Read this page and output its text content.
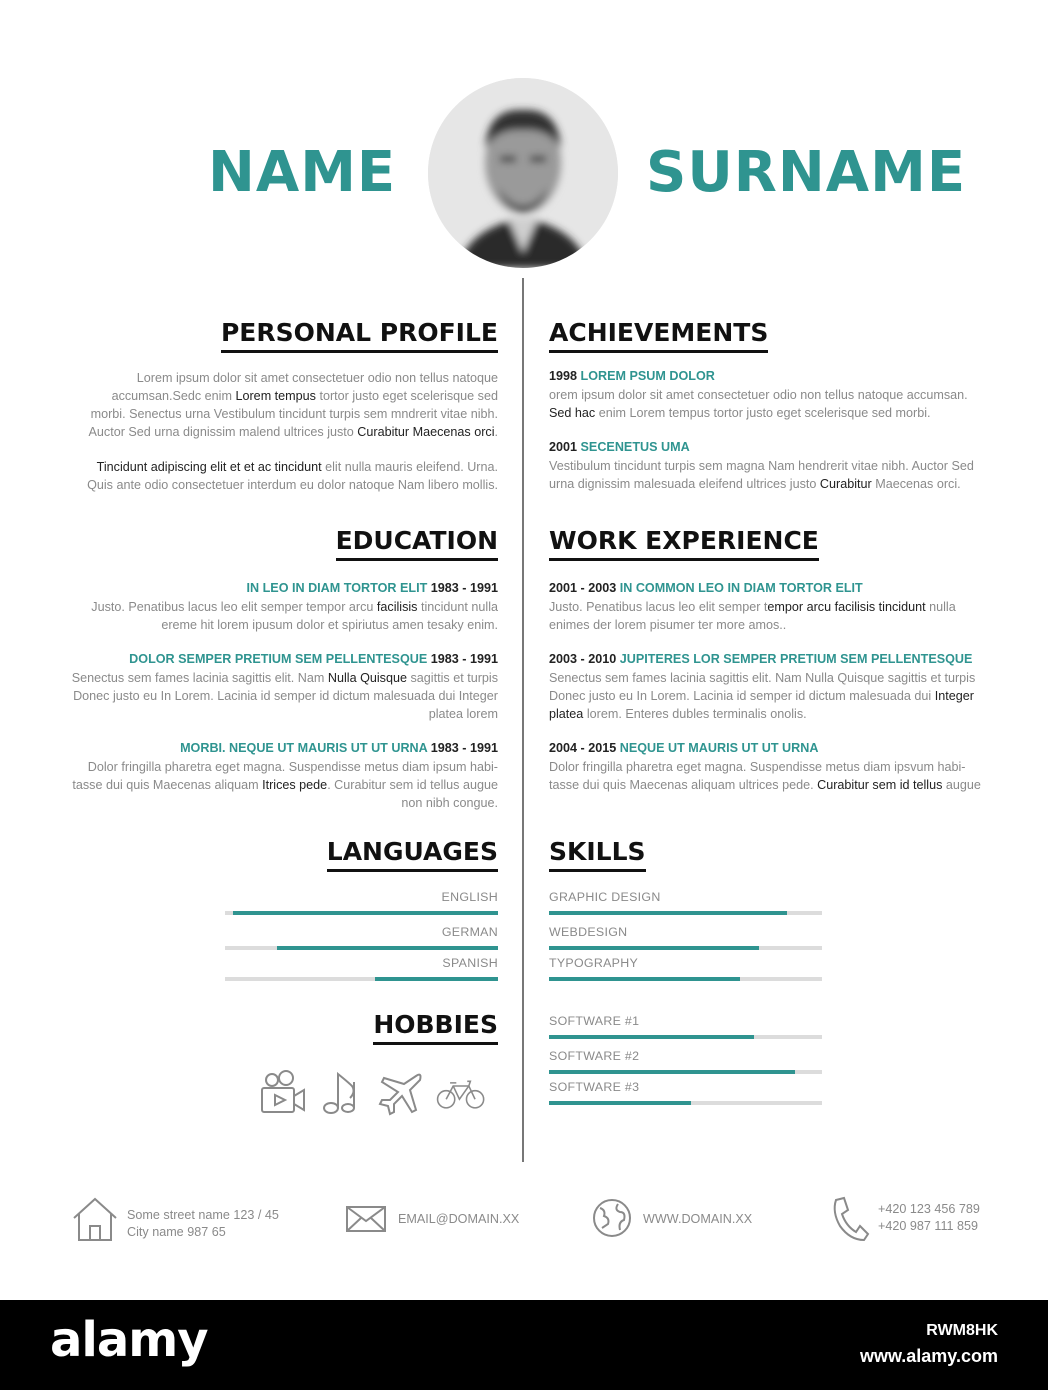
NAME	SURNAME
PERSONAL PROFILE
Lorem ipsum dolor sit amet consectetuer odio non tellus natoque
accumsan.Sedc enim Lorem tempus tortor justo eget scelerisque sed
morbi. Senectus urna Vestibulum tincidunt turpis sem mndrerit vitae nibh.
Auctor Sed urna dignissim malend ultrices justo Curabitur Maecenas orci.
Tincidunt adipiscing elit et et ac tincidunt elit nulla mauris eleifend. Urna.
Quis ante odio consectetuer interdum eu dolor natoque Nam libero mollis.
EDUCATION
IN LEO IN DIAM TORTOR ELIT 1983 - 1991
Justo. Penatibus lacus leo elit semper tempor arcu facilisis tincidunt nulla
ereme hit lorem ipusum dolor et spiriutus amen tesaky enim.
DOLOR SEMPER PRETIUM SEM PELLENTESQUE 1983 - 1991
Senectus sem fames lacinia sagittis elit. Nam Nulla Quisque sagittis et turpis
Donec justo eu In Lorem. Lacinia id semper id dictum malesuada dui Integer
platea lorem
MORBI. NEQUE UT MAURIS UT UT URNA 1983 - 1991
Dolor fringilla pharetra eget magna. Suspendisse metus diam ipsum habi-
tasse dui quis Maecenas aliquam Itrices pede. Curabitur sem id tellus augue
non nibh congue.
LANGUAGES
ENGLISH
GERMAN
SPANISH
HOBBIES
ACHIEVEMENTS
1998 LOREM PSUM DOLOR
orem ipsum dolor sit amet consectetuer odio non tellus natoque accumsan.
Sed hac enim Lorem tempus tortor justo eget scelerisque sed morbi.
2001 SECENETUS UMA
Vestibulum tincidunt turpis sem magna Nam hendrerit vitae nibh. Auctor Sed
urna dignissim malesuada eleifend ultrices justo Curabitur Maecenas orci.
WORK EXPERIENCE
2001 - 2003 IN COMMON LEO IN DIAM TORTOR ELIT
Justo. Penatibus lacus leo elit semper tempor arcu facilisis tincidunt nulla
enimes der lorem pisumer ter more amos..
2003 - 2010 JUPITERES LOR SEMPER PRETIUM SEM PELLENTESQUE
Senectus sem fames lacinia sagittis elit. Nam Nulla Quisque sagittis et turpis
Donec justo eu In Lorem. Lacinia id semper id dictum malesuada dui Integer
platea lorem. Enteres dubles terminalis onolis.
2004 - 2015 NEQUE UT MAURIS UT UT URNA
Dolor fringilla pharetra eget magna. Suspendisse metus diam ipsvum habi-
tasse dui quis Maecenas aliquam ultrices pede. Curabitur sem id tellus augue
SKILLS
GRAPHIC DESIGN
WEBDESIGN
TYPOGRAPHY
SOFTWARE #1
SOFTWARE #2
SOFTWARE #3
Some street name 123 / 45
City name 987 65
EMAIL@DOMAIN.XX	WWW.DOMAIN.XX
+420 123 456 789
+420 987 111 859
alamy	RWM8HK
www.alamy.com
